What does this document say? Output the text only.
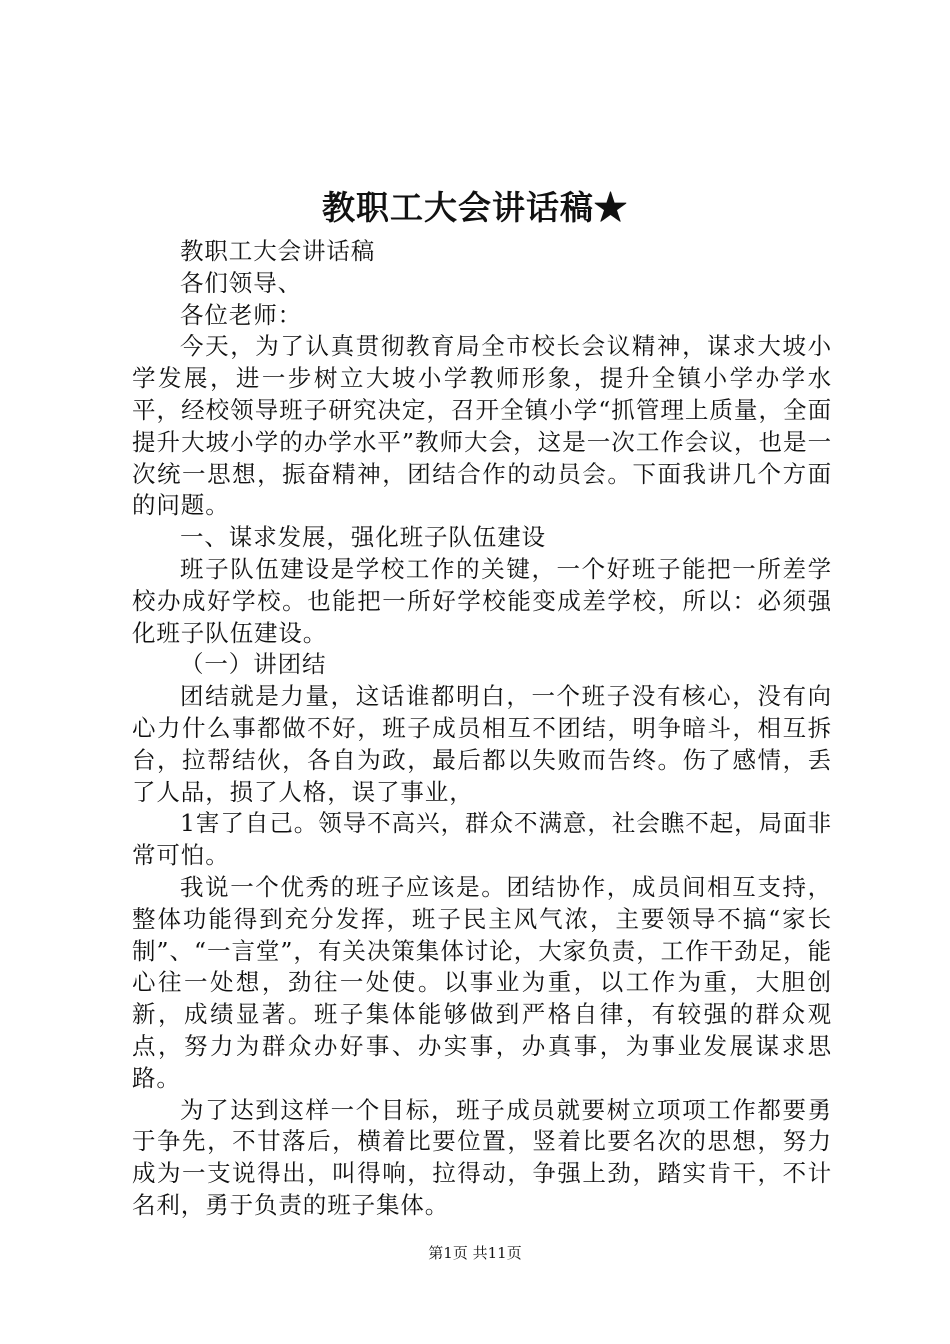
教职工大会讲话稿★

教职工大会讲话稿

各们领导、

各位老师：

今天，为了认真贯彻教育局全市校长会议精神，谋求大坡小学发展，进一步树立大坡小学教师形象，提升全镇小学办学水平，经校领导班子研究决定，召开全镇小学“抓管理上质量，全面提升大坡小学的办学水平”教师大会，这是一次工作会议，也是一次统一思想，振奋精神，团结合作的动员会。下面我讲几个方面的问题。

一、谋求发展，强化班子队伍建设

班子队伍建设是学校工作的关键，一个好班子能把一所差学校办成好学校。也能把一所好学校能变成差学校，所以：必须强化班子队伍建设。

（一）讲团结

团结就是力量，这话谁都明白，一个班子没有核心，没有向心力什么事都做不好，班子成员相互不团结，明争暗斗，相互拆台，拉帮结伙，各自为政，最后都以失败而告终。伤了感情，丢了人品，损了人格，误了事业，

1害了自己。领导不高兴，群众不满意，社会瞧不起，局面非常可怕。

我说一个优秀的班子应该是。团结协作，成员间相互支持，整体功能得到充分发挥，班子民主风气浓，主要领导不搞“家长制”、“一言堂”，有关决策集体讨论，大家负责，工作干劲足，能心往一处想，劲往一处使。以事业为重，以工作为重，大胆创新，成绩显著。班子集体能够做到严格自律，有较强的群众观点，努力为群众办好事、办实事，办真事，为事业发展谋求思路。

为了达到这样一个目标，班子成员就要树立项项工作都要勇于争先，不甘落后，横着比要位置，竖着比要名次的思想，努力成为一支说得出，叫得响，拉得动，争强上劲，踏实肯干，不计名利，勇于负责的班子集体。

第1页 共11页
